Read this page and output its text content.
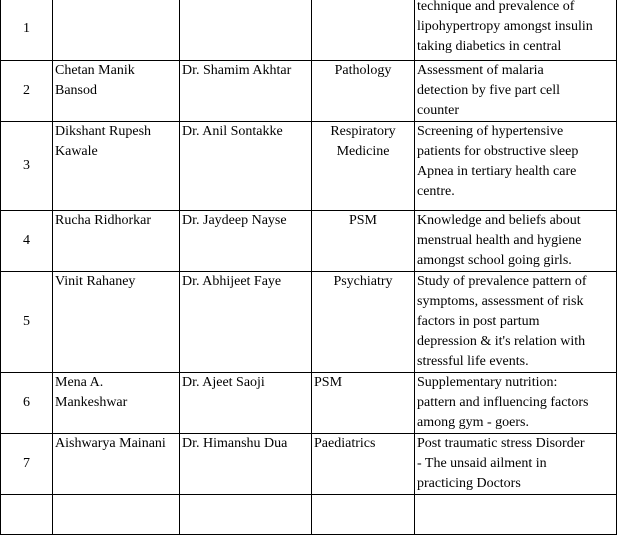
1				technique and prevalence of
lipohypertropy amongst insulin
taking diabetics in central
2	Chetan Manik
Bansod	Dr. Shamim Akhtar	Pathology	Assessment of malaria
detection by five part cell
counter
3	Dikshant Rupesh
Kawale	Dr. Anil Sontakke	Respiratory
Medicine	Screening of hypertensive
patients for obstructive sleep
Apnea in tertiary health care
centre.
4	Rucha Ridhorkar	Dr. Jaydeep Nayse	PSM	Knowledge and beliefs about
menstrual health and hygiene
amongst school going girls.
5	Vinit Rahaney	Dr. Abhijeet Faye	Psychiatry	Study of prevalence pattern of
symptoms, assessment of risk
factors in post partum
depression & it's relation with
stressful life events.
6	Mena A.
Mankeshwar	Dr. Ajeet Saoji	PSM	Supplementary nutrition:
pattern and influencing factors
among gym - goers.
7	Aishwarya Mainani	Dr. Himanshu Dua	Paediatrics	Post traumatic stress Disorder
- The unsaid ailment in
practicing Doctors
